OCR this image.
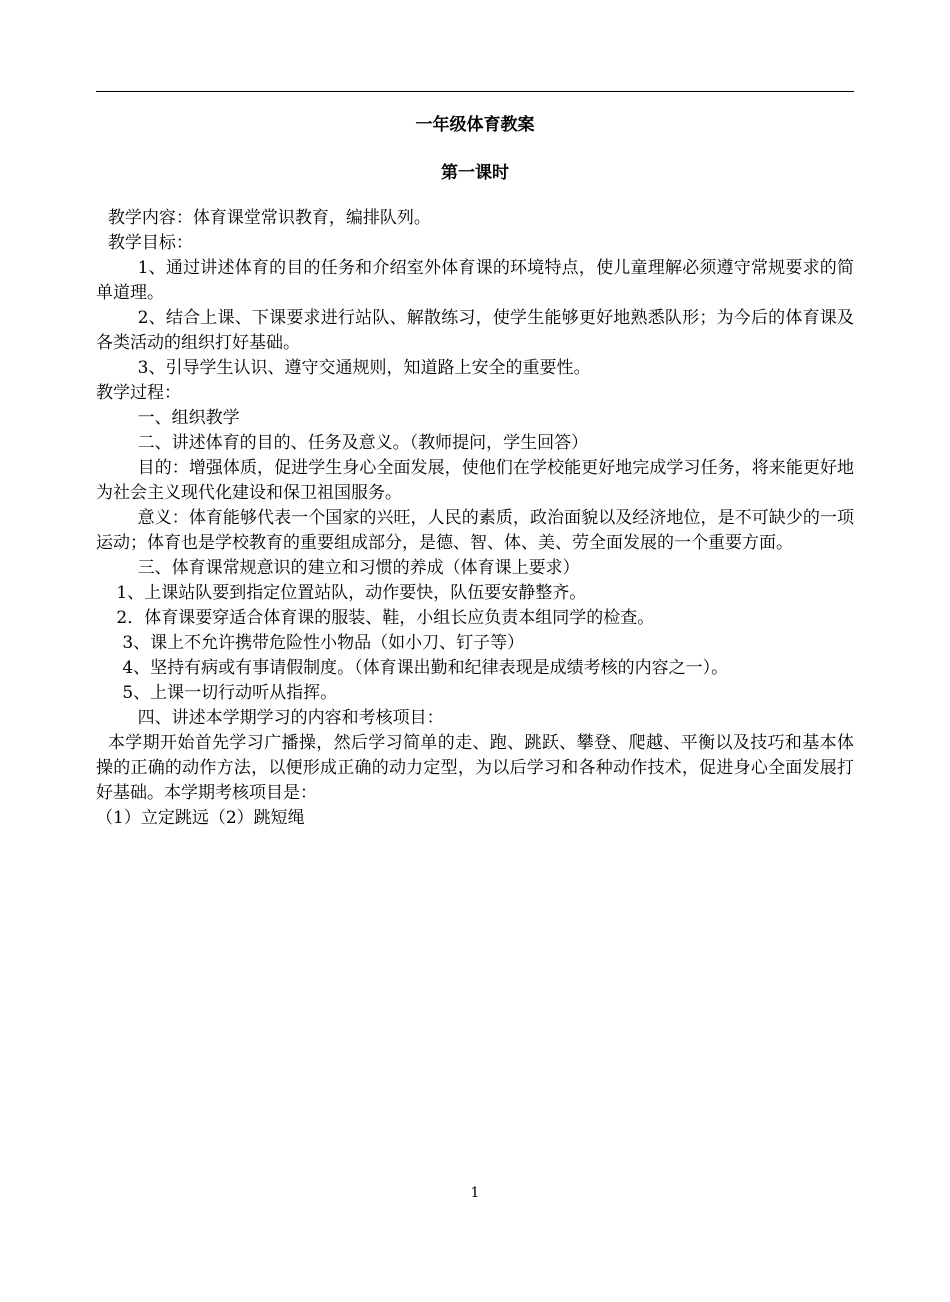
一年级体育教案
第一课时

教学内容：体育课堂常识教育，编排队列。

教学目标：

1、通过讲述体育的目的任务和介绍室外体育课的环境特点，使儿童理解必须遵守常规要求的简单道理。

2、结合上课、下课要求进行站队、解散练习，使学生能够更好地熟悉队形；为今后的体育课及各类活动的组织打好基础。

3、引导学生认识、遵守交通规则，知道路上安全的重要性。

教学过程：

一、组织教学

二、讲述体育的目的、任务及意义。（教师提问，学生回答）

目的：增强体质，促进学生身心全面发展，使他们在学校能更好地完成学习任务，将来能更好地为社会主义现代化建设和保卫祖国服务。

意义：体育能够代表一个国家的兴旺，人民的素质，政治面貌以及经济地位，是不可缺少的一项运动；体育也是学校教育的重要组成部分，是德、智、体、美、劳全面发展的一个重要方面。

三、体育课常规意识的建立和习惯的养成（体育课上要求）

1、上课站队要到指定位置站队，动作要快，队伍要安静整齐。

2．体育课要穿适合体育课的服装、鞋，小组长应负责本组同学的检查。

3、课上不允许携带危险性小物品（如小刀、钉子等）

4、坚持有病或有事请假制度。（体育课出勤和纪律表现是成绩考核的内容之一）。

5、上课一切行动听从指挥。

四、讲述本学期学习的内容和考核项目：

本学期开始首先学习广播操，然后学习简单的走、跑、跳跃、攀登、爬越、平衡以及技巧和基本体操的正确的动作方法，以便形成正确的动力定型，为以后学习和各种动作技术，促进身心全面发展打好基础。本学期考核项目是：

（1）立定跳远（2）跳短绳

1
